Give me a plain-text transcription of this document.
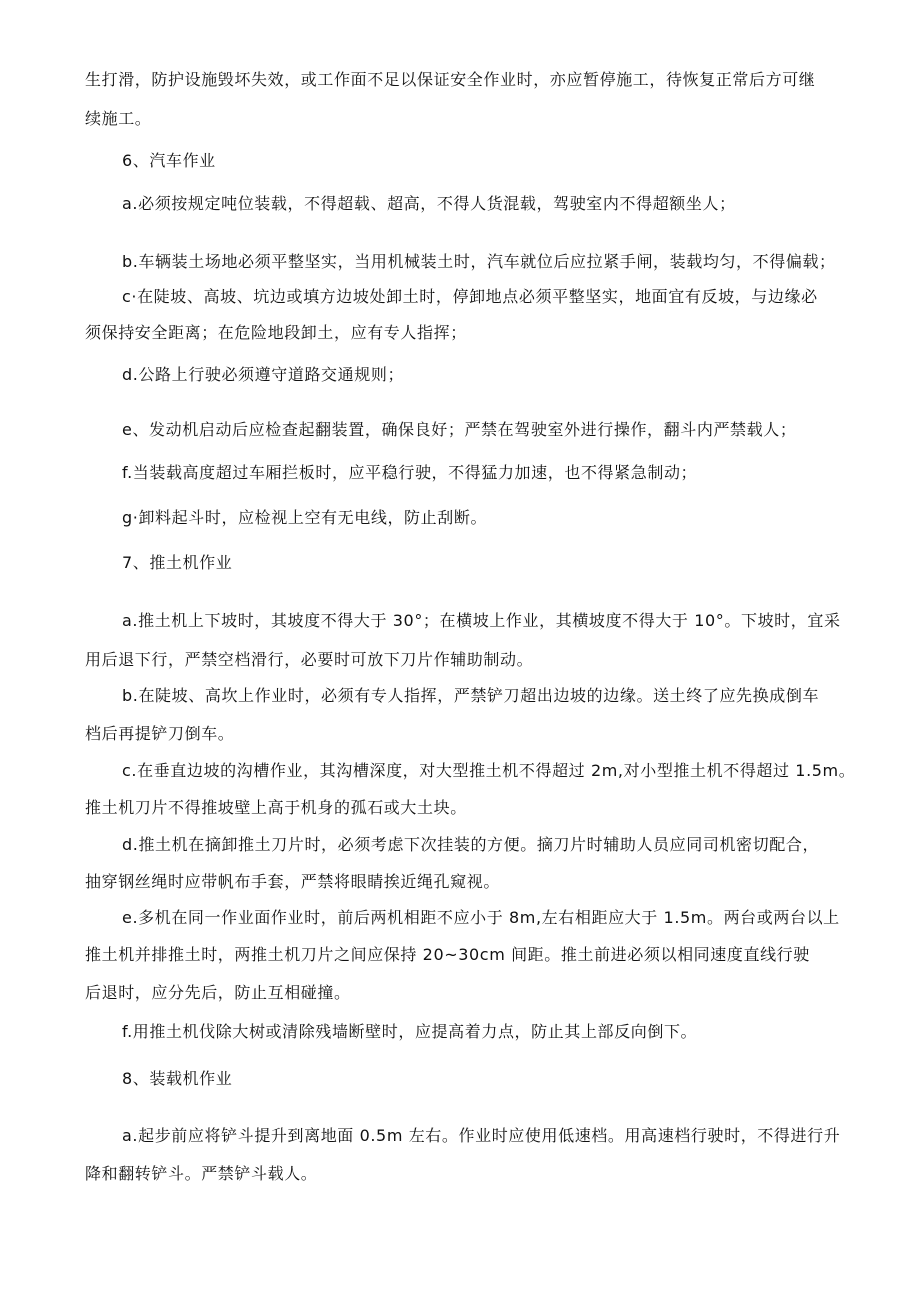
生打滑，防护设施毁坏失效，或工作面不足以保证安全作业时，亦应暂停施工，待恢复正常后方可继
续施工。
6、汽车作业
a.必须按规定吨位装载，不得超载、超高，不得人货混载，驾驶室内不得超额坐人；
b.车辆装土场地必须平整坚实，当用机械装土时，汽车就位后应拉紧手闸，装载均匀，不得偏载；
c·在陡坡、高坡、坑边或填方边坡处卸土时，停卸地点必须平整坚实，地面宜有反坡，与边缘必
须保持安全距离；在危险地段卸土，应有专人指挥；
d.公路上行驶必须遵守道路交通规则；
e、发动机启动后应检查起翻装置，确保良好；严禁在驾驶室外进行操作，翻斗内严禁载人；
f.当装载高度超过车厢拦板时，应平稳行驶，不得猛力加速，也不得紧急制动；
g·卸料起斗时，应检视上空有无电线，防止刮断。
7、推土机作业
a.推土机上下坡时，其坡度不得大于 30°；在横坡上作业，其横坡度不得大于 10°。下坡时，宜采
用后退下行，严禁空档滑行，必要时可放下刀片作辅助制动。
b.在陡坡、高坎上作业时，必须有专人指挥，严禁铲刀超出边坡的边缘。送土终了应先换成倒车
档后再提铲刀倒车。
c.在垂直边坡的沟槽作业，其沟槽深度，对大型推土机不得超过 2m,对小型推土机不得超过 1.5m。
推土机刀片不得推坡壁上高于机身的孤石或大土块。
d.推土机在摘卸推土刀片时，必须考虑下次挂装的方便。摘刀片时辅助人员应同司机密切配合，
抽穿钢丝绳时应带帆布手套，严禁将眼睛挨近绳孔窥视。
e.多机在同一作业面作业时，前后两机相距不应小于 8m,左右相距应大于 1.5m。两台或两台以上
推土机并排推土时，两推土机刀片之间应保持 20~30cm 间距。推土前进必须以相同速度直线行驶
后退时，应分先后，防止互相碰撞。
f.用推土机伐除大树或清除残墙断壁时，应提高着力点，防止其上部反向倒下。
8、装载机作业
a.起步前应将铲斗提升到离地面 0.5m 左右。作业时应使用低速档。用高速档行驶时，不得进行升
降和翻转铲斗。严禁铲斗载人。
